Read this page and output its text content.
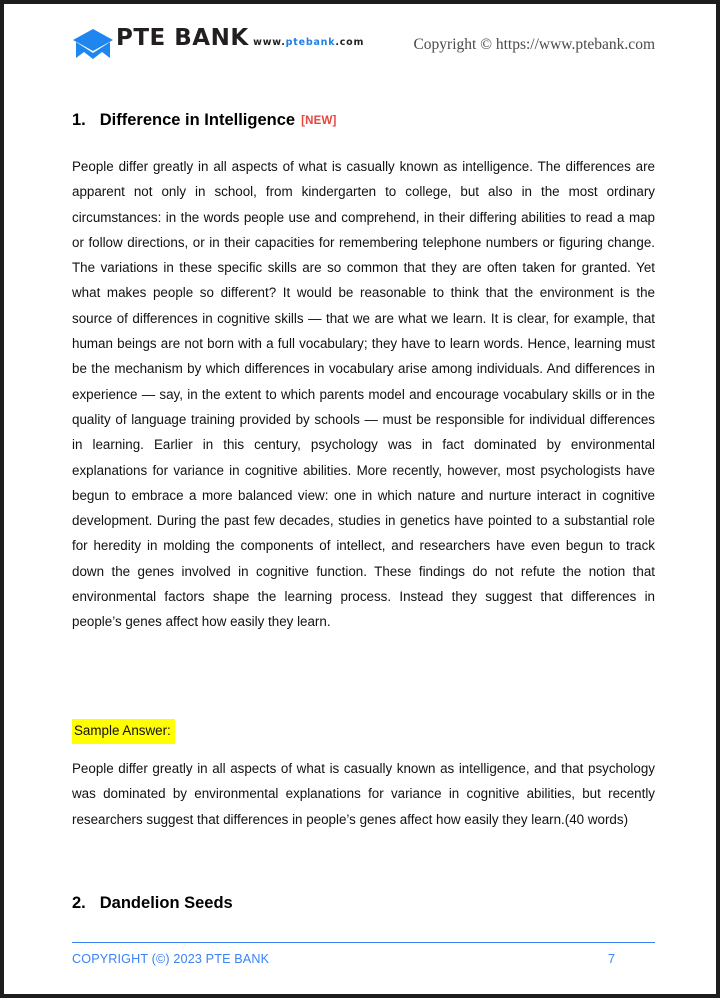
PTE BANK www.ptebank.com	Copyright © https://www.ptebank.com
1. Difference in Intelligence [NEW]
People differ greatly in all aspects of what is casually known as intelligence. The differences are apparent not only in school, from kindergarten to college, but also in the most ordinary circumstances: in the words people use and comprehend, in their differing abilities to read a map or follow directions, or in their capacities for remembering telephone numbers or figuring change. The variations in these specific skills are so common that they are often taken for granted. Yet what makes people so different? It would be reasonable to think that the environment is the source of differences in cognitive skills — that we are what we learn. It is clear, for example, that human beings are not born with a full vocabulary; they have to learn words. Hence, learning must be the mechanism by which differences in vocabulary arise among individuals. And differences in experience — say, in the extent to which parents model and encourage vocabulary skills or in the quality of language training provided by schools — must be responsible for individual differences in learning. Earlier in this century, psychology was in fact dominated by environmental explanations for variance in cognitive abilities. More recently, however, most psychologists have begun to embrace a more balanced view: one in which nature and nurture interact in cognitive development. During the past few decades, studies in genetics have pointed to a substantial role for heredity in molding the components of intellect, and researchers have even begun to track down the genes involved in cognitive function. These findings do not refute the notion that environmental factors shape the learning process. Instead they suggest that differences in people’s genes affect how easily they learn.
Sample Answer:
People differ greatly in all aspects of what is casually known as intelligence, and that psychology was dominated by environmental explanations for variance in cognitive abilities, but recently researchers suggest that differences in people’s genes affect how easily they learn.(40 words)
2. Dandelion Seeds
COPYRIGHT (©) 2023 PTE BANK	7
